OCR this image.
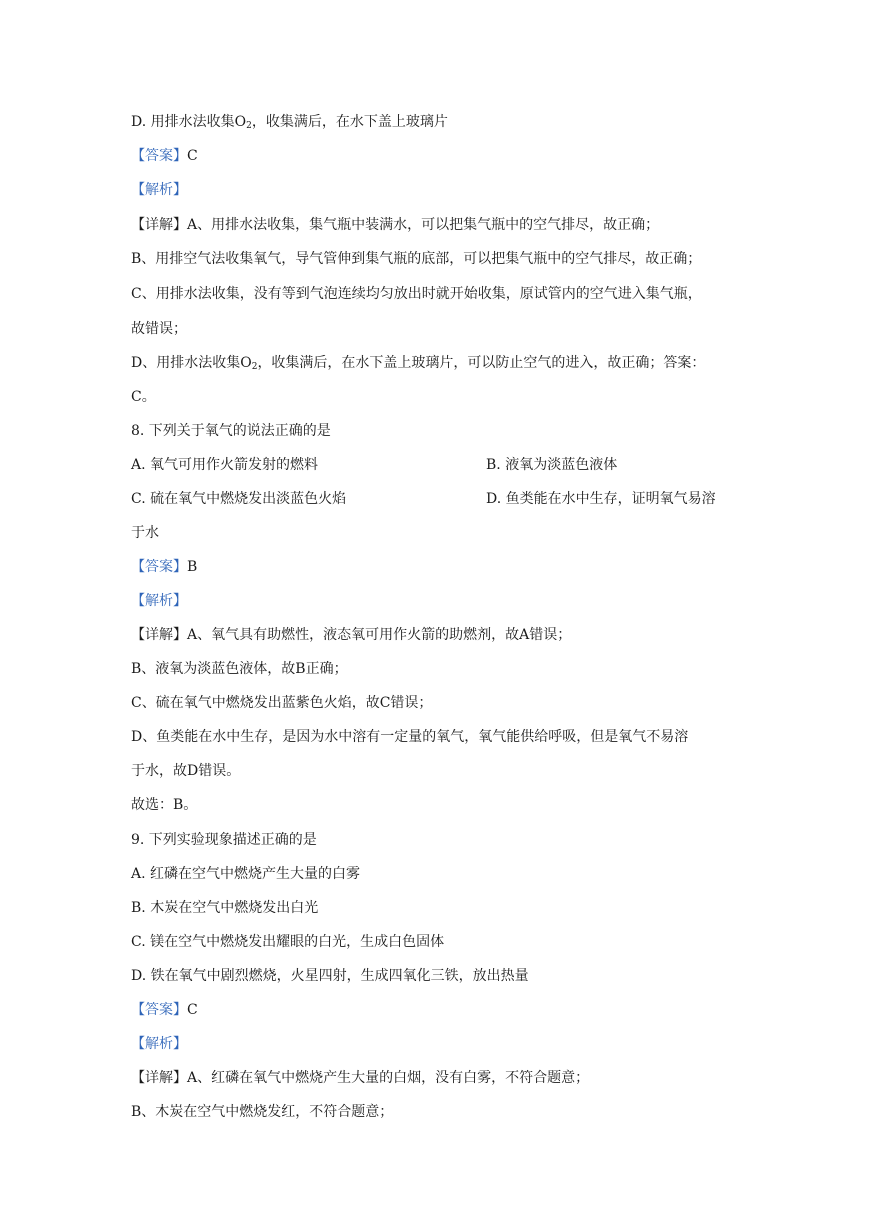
D. 用排水法收集$O_2$，收集满后，在水下盖上玻璃片
【答案】C
【解析】
【详解】A、用排水法收集，集气瓶中装满水，可以把集气瓶中的空气排尽，故正确；
B、用排空气法收集氧气，导气管伸到集气瓶的底部，可以把集气瓶中的空气排尽，故正确；
C、用排水法收集，没有等到气泡连续均匀放出时就开始收集，原试管内的空气进入集气瓶，
故错误；
D、用排水法收集$O_2$，收集满后，在水下盖上玻璃片，可以防止空气的进入，故正确；答案：
C。
8. 下列关于氧气的说法正确的是
A. 氧气可用作火箭发射的燃料	B. 液氧为淡蓝色液体
C. 硫在氧气中燃烧发出淡蓝色火焰	D. 鱼类能在水中生存，证明氧气易溶
于水
【答案】B
【解析】
【详解】A、氧气具有助燃性，液态氧可用作火箭的助燃剂，故A错误；
B、液氧为淡蓝色液体，故B正确；
C、硫在氧气中燃烧发出蓝紫色火焰，故C错误；
D、鱼类能在水中生存，是因为水中溶有一定量的氧气，氧气能供给呼吸，但是氧气不易溶
于水，故D错误。
故选：B。
9. 下列实验现象描述正确的是
A. 红磷在空气中燃烧产生大量的白雾
B. 木炭在空气中燃烧发出白光
C. 镁在空气中燃烧发出耀眼的白光，生成白色固体
D. 铁在氧气中剧烈燃烧，火星四射，生成四氧化三铁，放出热量
【答案】C
【解析】
【详解】A、红磷在氧气中燃烧产生大量的白烟，没有白雾，不符合题意；
B、木炭在空气中燃烧发红，不符合题意；
